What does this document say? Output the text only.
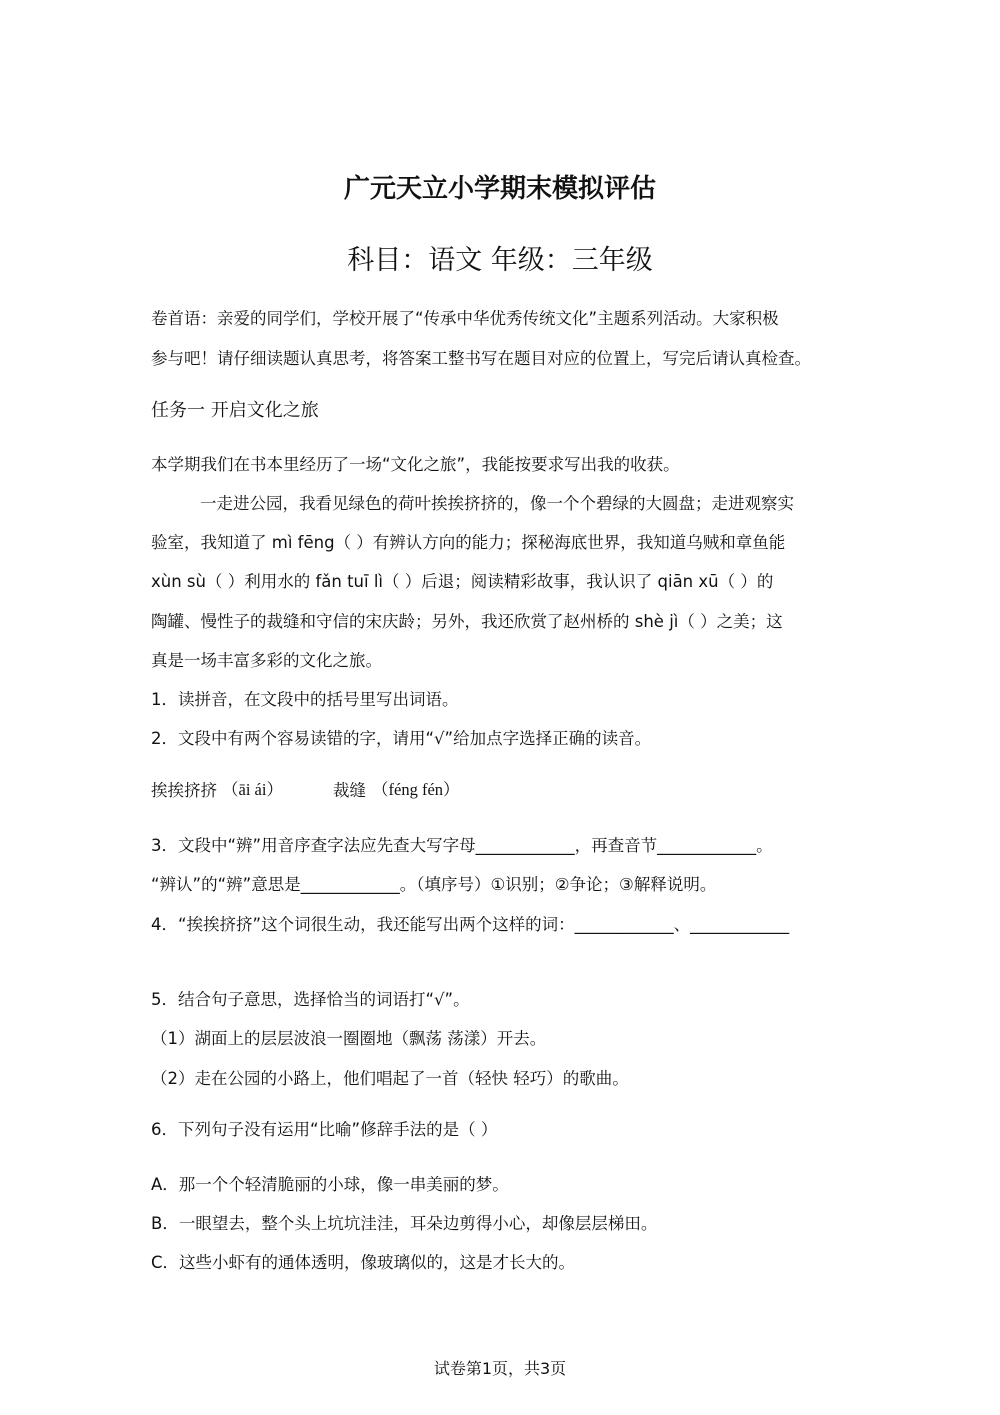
广元天立小学期末模拟评估
科目：语文 年级：三年级
卷首语：亲爱的同学们，学校开展了“传承中华优秀传统文化”主题系列活动。大家积极
参与吧！请仔细读题认真思考，将答案工整书写在题目对应的位置上，写完后请认真检查。
任务一 开启文化之旅
本学期我们在书本里经历了一场“文化之旅”，我能按要求写出我的收获。
一走进公园，我看见绿色的荷叶挨挨挤挤的，像一个个碧绿的大圆盘；走进观察实
验室，我知道了 mì fēng（ ）有辨认方向的能力；探秘海底世界，我知道乌贼和章鱼能
xùn sù（ ）利用水的 fǎn tuī lì（ ）后退；阅读精彩故事，我认识了 qiān xū（ ）的
陶罐、慢性子的裁缝和守信的宋庆龄；另外，我还欣赏了赵州桥的 shè jì（ ）之美；这
真是一场丰富多彩的文化之旅。
1．读拼音，在文段中的括号里写出词语。
2．文段中有两个容易读错的字，请用“√”给加点字选择正确的读音。
挨挨挤挤 （āi ái）	裁缝 （féng fén）
3．文段中“辨”用音序查字法应先查大写字母____________，再查音节____________。
“辨认”的“辨”意思是____________。（填序号）①识别；②争论；③解释说明。
4．“挨挨挤挤”这个词很生动，我还能写出两个这样的词：____________、____________
5．结合句子意思，选择恰当的词语打“√”。
（1）湖面上的层层波浪一圈圈地（飘荡 荡漾）开去。
（2）走在公园的小路上，他们唱起了一首（轻快 轻巧）的歌曲。
6．下列句子没有运用“比喻”修辞手法的是（ ）
A．那一个个轻清脆丽的小球，像一串美丽的梦。
B．一眼望去，整个头上坑坑洼洼，耳朵边剪得小心，却像层层梯田。
C．这些小虾有的通体透明，像玻璃似的，这是才长大的。
试卷第1页，共3页
